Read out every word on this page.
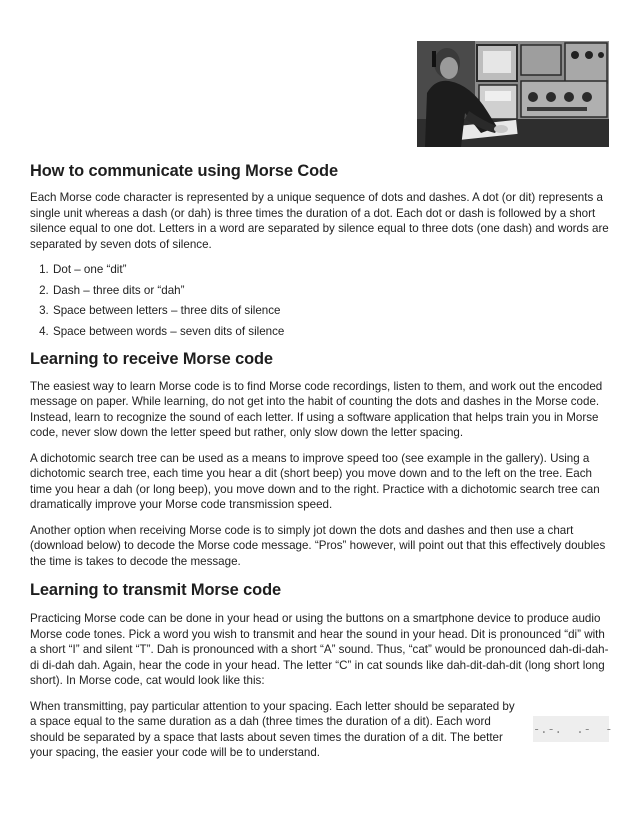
How to communicate using Morse Code

Each Morse code character is represented by a unique sequence of dots and dashes. A dot (or dit) represents a single unit whereas a dash (or dah) is three times the duration of a dot. Each dot or dash is followed by a short silence equal to one dot. Letters in a word are separated by silence equal to three dots (one dash) and words are separated by seven dots of silence.

1. Dot – one “dit”
2. Dash – three dits or “dah”
3. Space between letters – three dits of silence
4. Space between words – seven dits of silence
Learning to receive Morse code

The easiest way to learn Morse code is to find Morse code recordings, listen to them, and work out the encoded message on paper. While learning, do not get into the habit of counting the dots and dashes in the Morse code. Instead, learn to recognize the sound of each letter. If using a software application that helps train you in Morse code, never slow down the letter speed but rather, only slow down the letter spacing.

A dichotomic search tree can be used as a means to improve speed too (see example in the gallery). Using a dichotomic search tree, each time you hear a dit (short beep) you move down and to the left on the tree. Each time you hear a dah (or long beep), you move down and to the right. Practice with a dichotomic search tree can dramatically improve your Morse code transmission speed.

Another option when receiving Morse code is to simply jot down the dots and dashes and then use a chart (download below) to decode the Morse code message. “Pros” however, will point out that this effectively doubles the time is takes to decode the message.

Learning to transmit Morse code

Practicing Morse code can be done in your head or using the buttons on a smartphone device to produce audio Morse code tones. Pick a word you wish to transmit and hear the sound in your head. Dit is pronounced “di” with a short “I” and silent “T”. Dah is pronounced with a short “A” sound. Thus, “cat” would be pronounced dah-di-dah-di di-dah dah. Again, hear the code in your head. The letter “C” in cat sounds like dah-dit-dah-dit (long short long short). In Morse code, cat would look like this:

When transmitting, pay particular attention to your spacing. Each letter should be separated by a space equal to the same duration as a dah (three times the duration of a dit). Each word should be separated by a space that lasts about seven times the duration of a dit. The better your spacing, the easier your code will be to understand.

-.-.  .-  -
